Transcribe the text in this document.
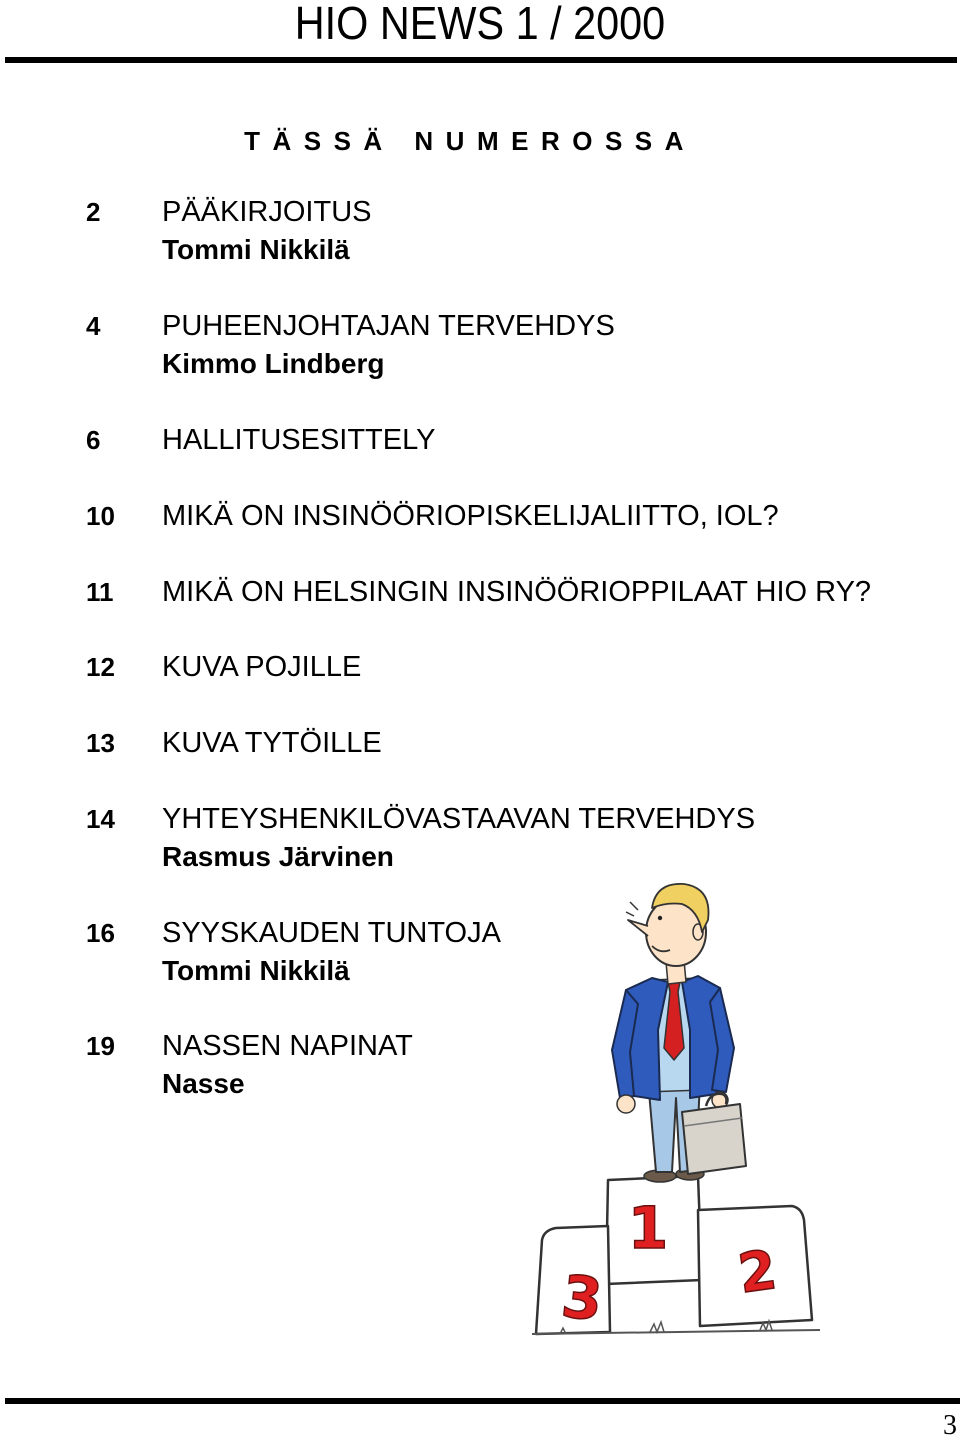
HIO NEWS 1 / 2000
TÄSSÄ NUMEROSSA
2 PÄÄKIRJOITUS
Tommi Nikkilä
4 PUHEENJOHTAJAN TERVEHDYS
Kimmo Lindberg
6 HALLITUSESITTELY
10 MIKÄ ON INSINÖÖRIOPISKELIJALIITTO, IOL?
11 MIKÄ ON HELSINGIN INSINÖÖRIOPPILAAT HIO RY?
12 KUVA POJILLE
13 KUVA TYTÖILLE
14 YHTEYSHENKILÖVASTAAVAN TERVEHDYS
Rasmus Järvinen
16 SYYSKAUDEN TUNTOJA
Tommi Nikkilä
19 NASSEN NAPINAT
Nasse
1
2
3
3
